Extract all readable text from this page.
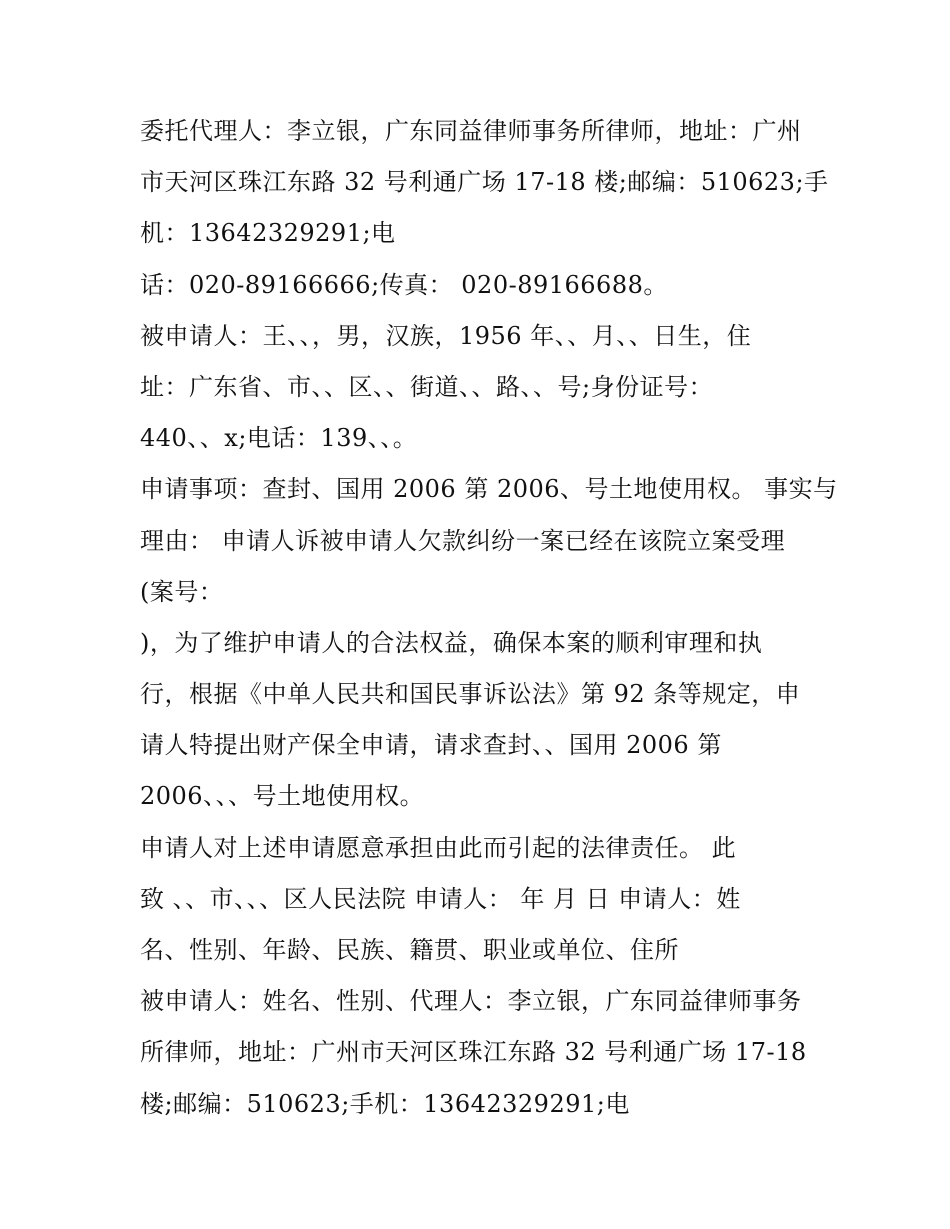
委托代理人：李立银，广东同益律师事务所律师，地址：广州
市天河区珠江东路 32 号利通广场 17-18 楼;邮编：510623;手
机：13642329291;电
话：020-89166666;传真： 020-89166688。
被申请人：王、、，男，汉族，1956 年、、月、、日生，住
址：广东省、市、、区、、街道、、路、、号;身份证号：
440、、x;电话：139、、。
申请事项：查封、国用 2006 第 2006、号土地使用权。 事实与
理由： 申请人诉被申请人欠款纠纷一案已经在该院立案受理
(案号：
)，为了维护申请人的合法权益，确保本案的顺利审理和执
行，根据《中单人民共和国民事诉讼法》第 92 条等规定，申
请人特提出财产保全申请，请求查封、、国用 2006 第
2006、、、号土地使用权。
申请人对上述申请愿意承担由此而引起的法律责任。 此
致 、、市、、、区人民法院 申请人： 年 月 日 申请人：姓
名、性别、年龄、民族、籍贯、职业或单位、住所
被申请人：姓名、性别、代理人：李立银，广东同益律师事务
所律师，地址：广州市天河区珠江东路 32 号利通广场 17-18
楼;邮编：510623;手机：13642329291;电
